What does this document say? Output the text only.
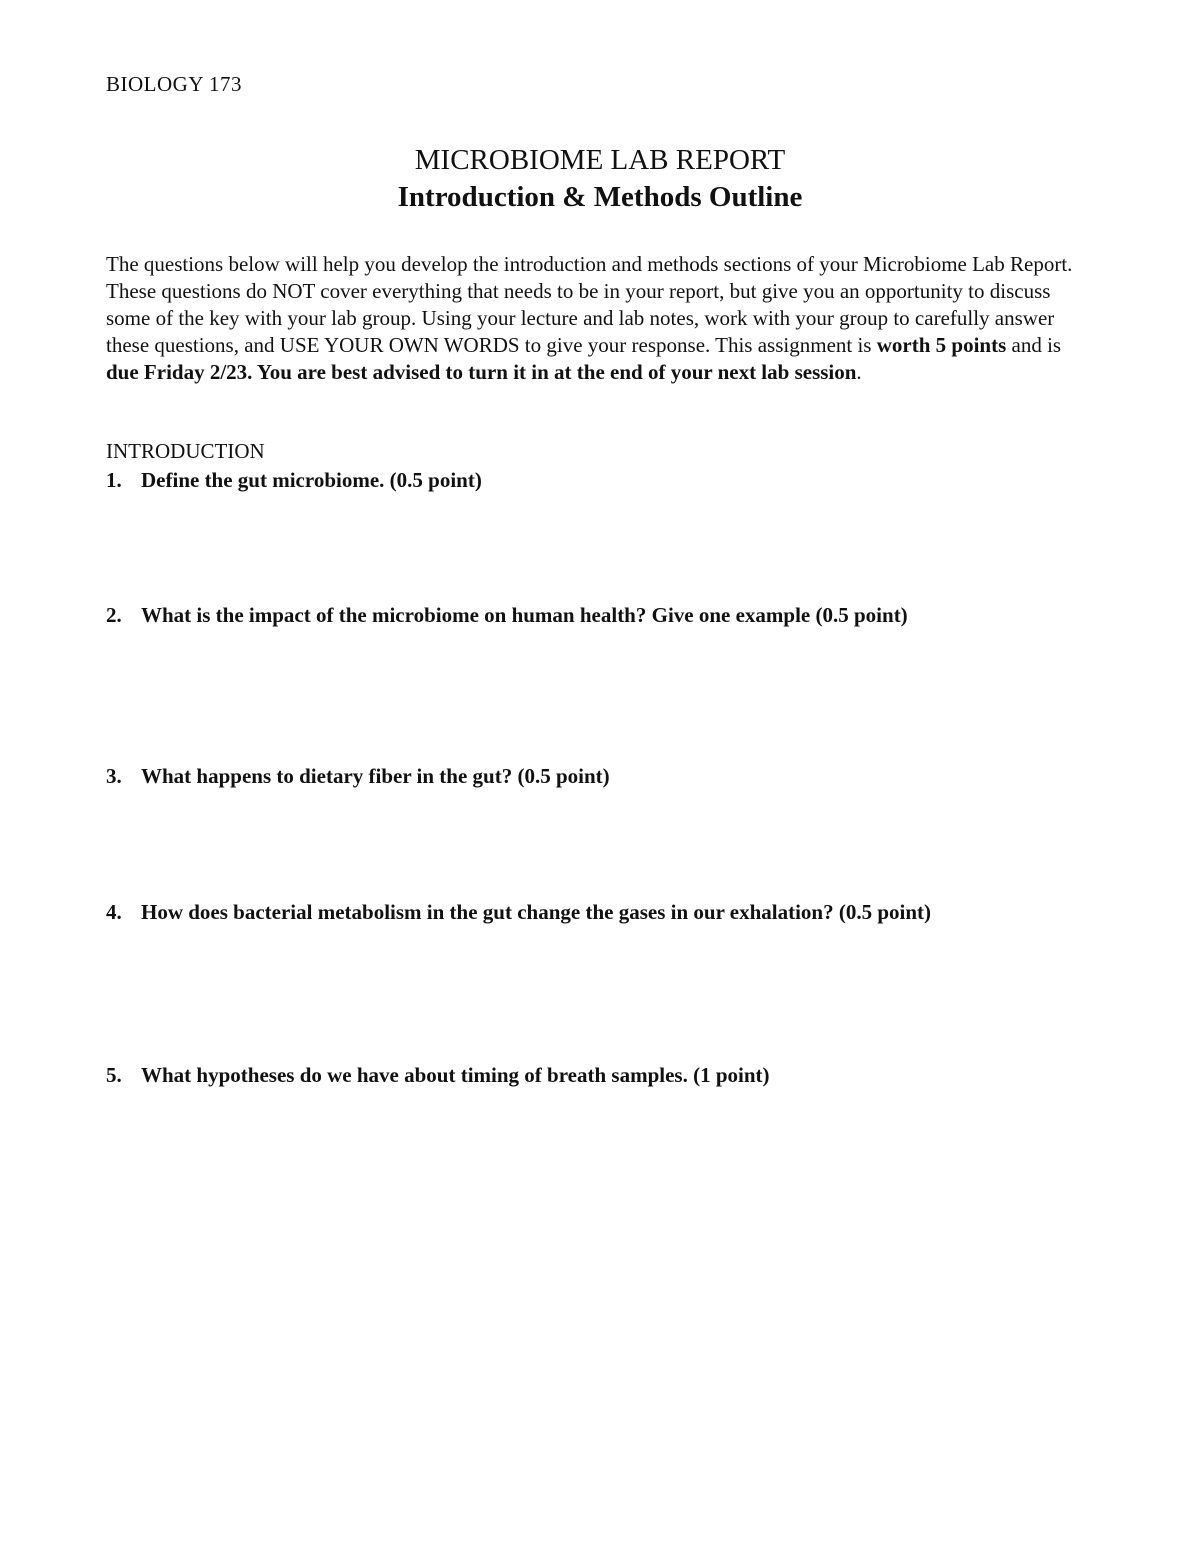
BIOLOGY 173
MICROBIOME LAB REPORT
Introduction & Methods Outline
The questions below will help you develop the introduction and methods sections of your Microbiome Lab Report. These questions do NOT cover everything that needs to be in your report, but give you an opportunity to discuss some of the key with your lab group. Using your lecture and lab notes, work with your group to carefully answer these questions, and USE YOUR OWN WORDS to give your response. This assignment is worth 5 points and is due Friday 2/23. You are best advised to turn it in at the end of your next lab session.
INTRODUCTION
1. Define the gut microbiome. (0.5 point)
2. What is the impact of the microbiome on human health? Give one example (0.5 point)
3. What happens to dietary fiber in the gut? (0.5 point)
4. How does bacterial metabolism in the gut change the gases in our exhalation? (0.5 point)
5. What hypotheses do we have about timing of breath samples. (1 point)
